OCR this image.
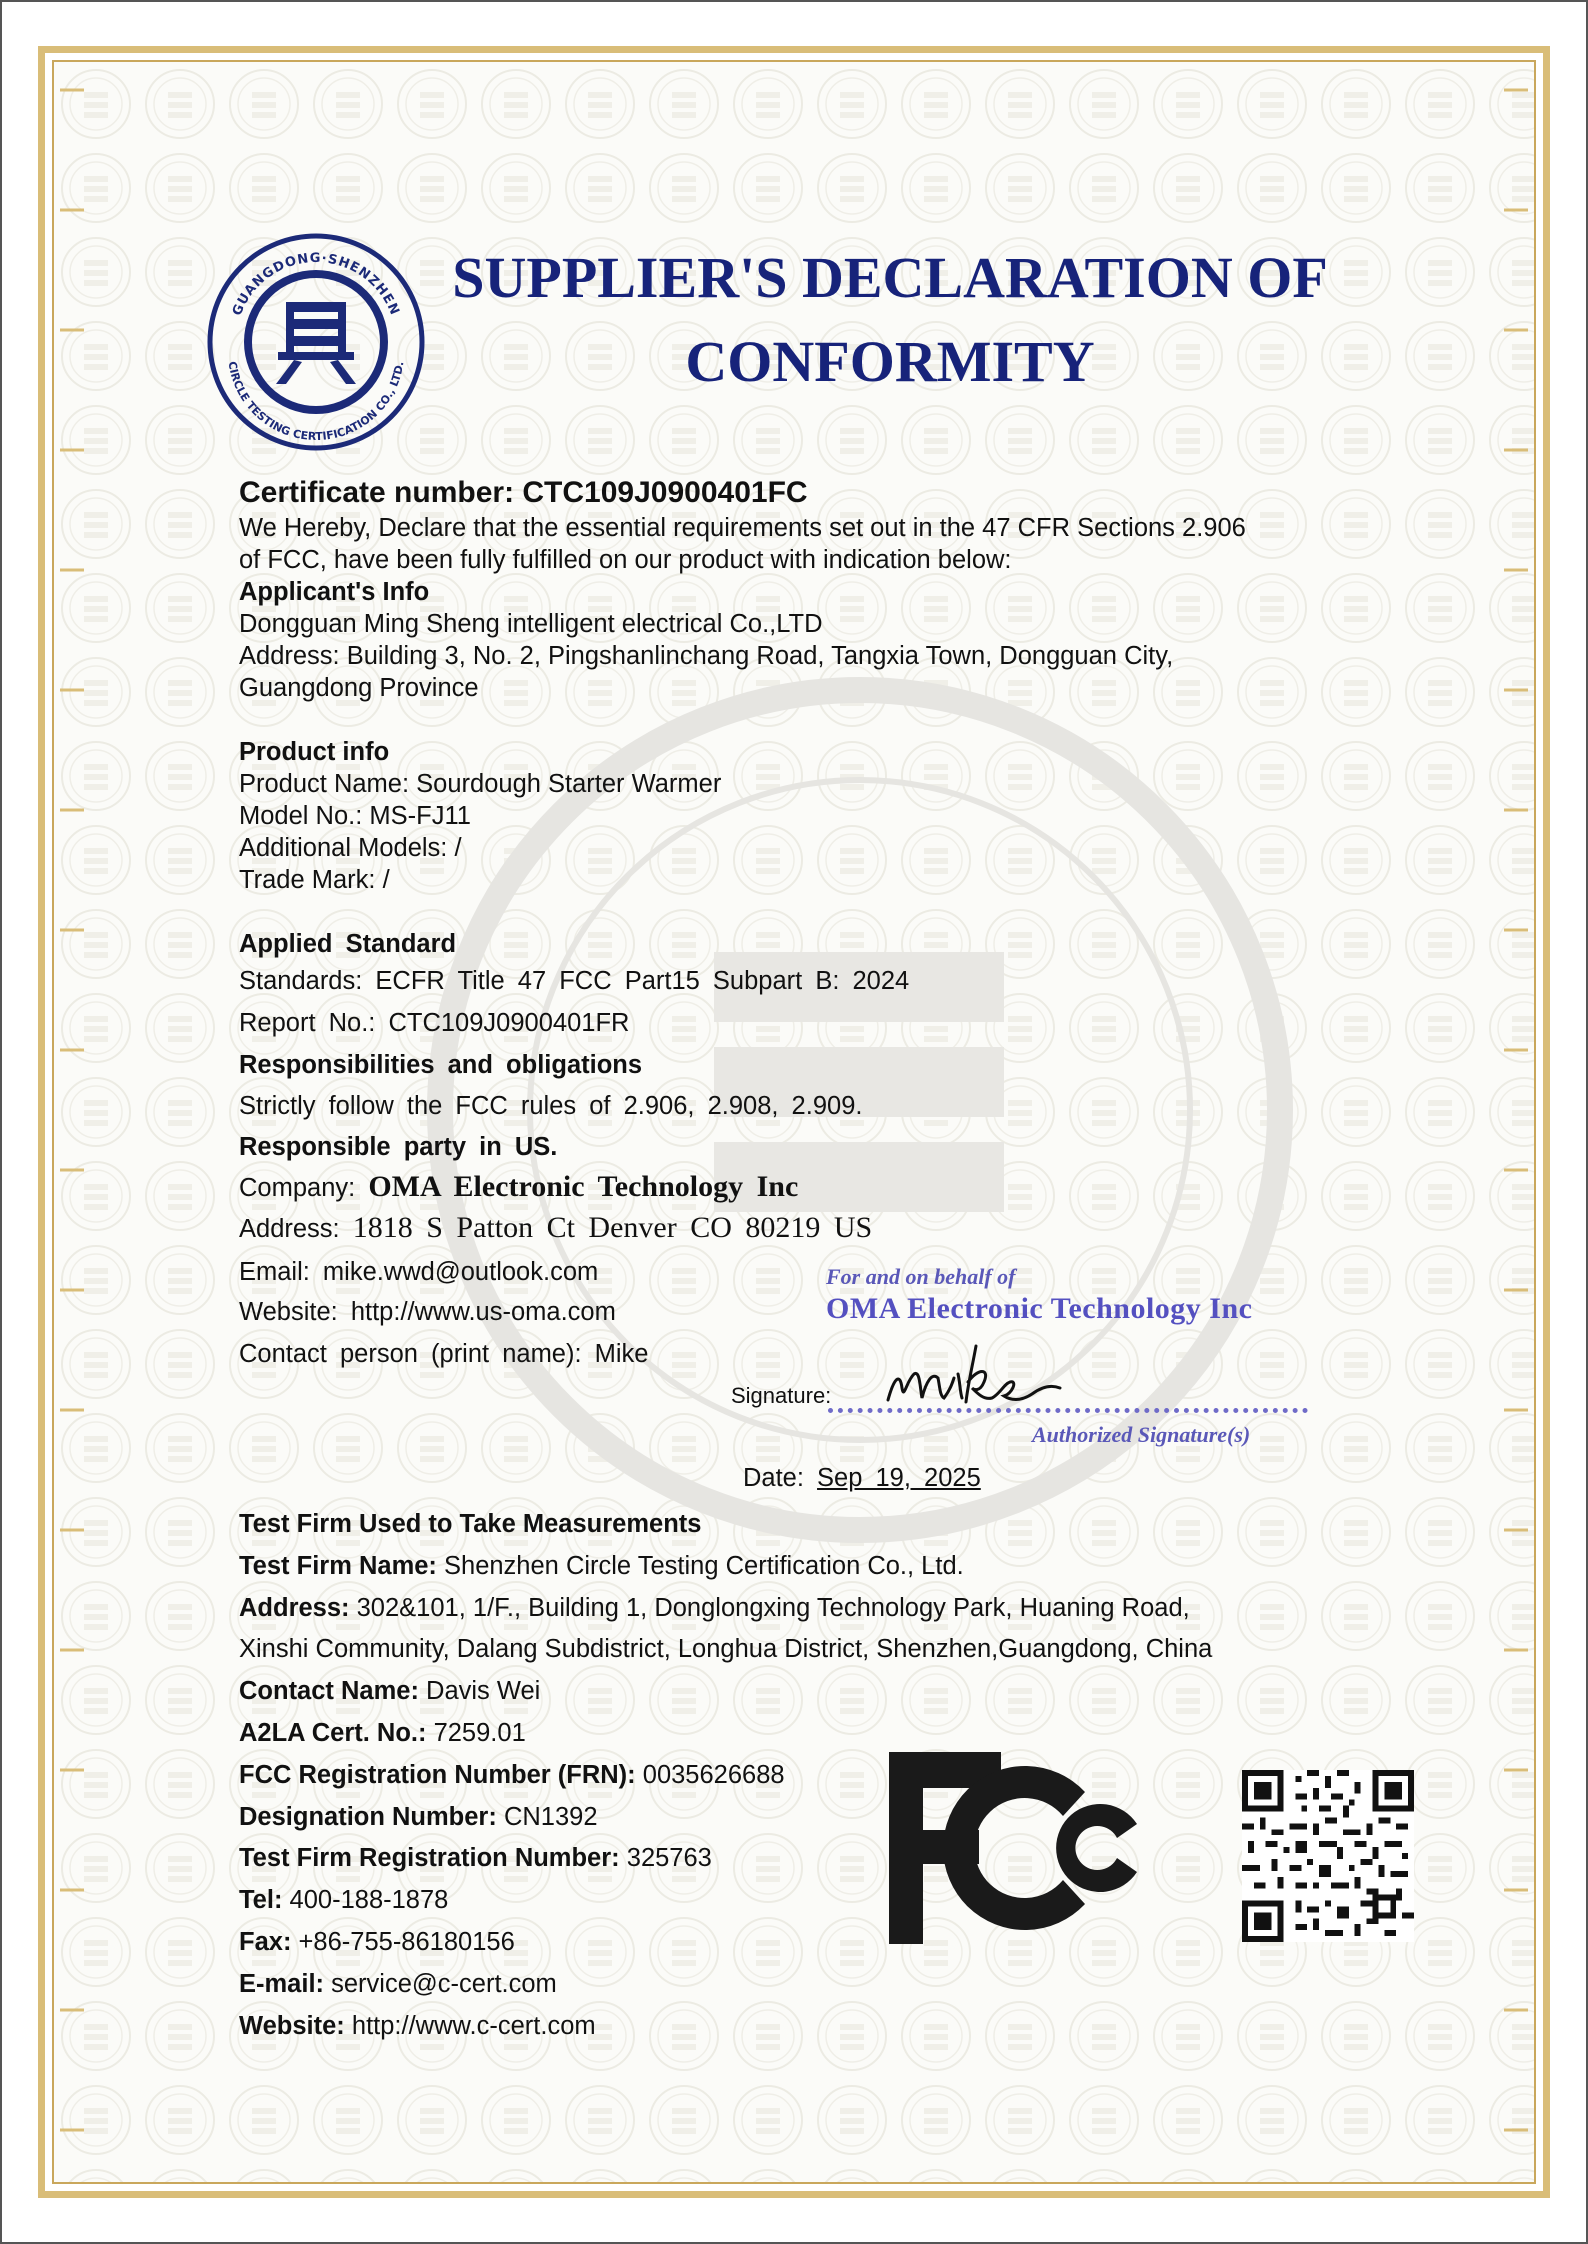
GUANGDONG·SHENZHEN
CIRCLE TESTING CERTIFICATION CO., LTD.
SUPPLIER'S DECLARATION OF
CONFORMITY
Certificate number: CTC109J0900401FC
We Hereby, Declare that the essential requirements set out in the 47 CFR Sections 2.906
of FCC, have been fully fulfilled on our product with indication below:
Applicant's Info
Dongguan Ming Sheng intelligent electrical Co.,LTD
Address: Building 3, No. 2, Pingshanlinchang Road, Tangxia Town, Dongguan City,
Guangdong Province
Product info
Product Name: Sourdough Starter Warmer
Model No.: MS-FJ11
Additional Models: /
Trade Mark: /
Applied Standard
Standards: ECFR Title 47 FCC Part15 Subpart B: 2024
Report No.: CTC109J0900401FR
Responsibilities and obligations
Strictly follow the FCC rules of 2.906, 2.908, 2.909.
Responsible party in US.
Company: OMA Electronic Technology Inc
Address: 1818 S Patton Ct Denver CO 80219 US
Email: mike.wwd@outlook.com
Website: http://www.us-oma.com
Contact person (print name): Mike
For and on behalf of
OMA Electronic Technology Inc
Signature:
Authorized Signature(s)
Date: Sep 19, 2025
Test Firm Used to Take Measurements
Test Firm Name: Shenzhen Circle Testing Certification Co., Ltd.
Address: 302&101, 1/F., Building 1, Donglongxing Technology Park, Huaning Road,
Xinshi Community, Dalang Subdistrict, Longhua District, Shenzhen,Guangdong, China
Contact Name: Davis Wei
A2LA Cert. No.: 7259.01
FCC Registration Number (FRN): 0035626688
Designation Number: CN1392
Test Firm Registration Number: 325763
Tel: 400-188-1878
Fax: +86-755-86180156
E-mail: service@c-cert.com
Website: http://www.c-cert.com
